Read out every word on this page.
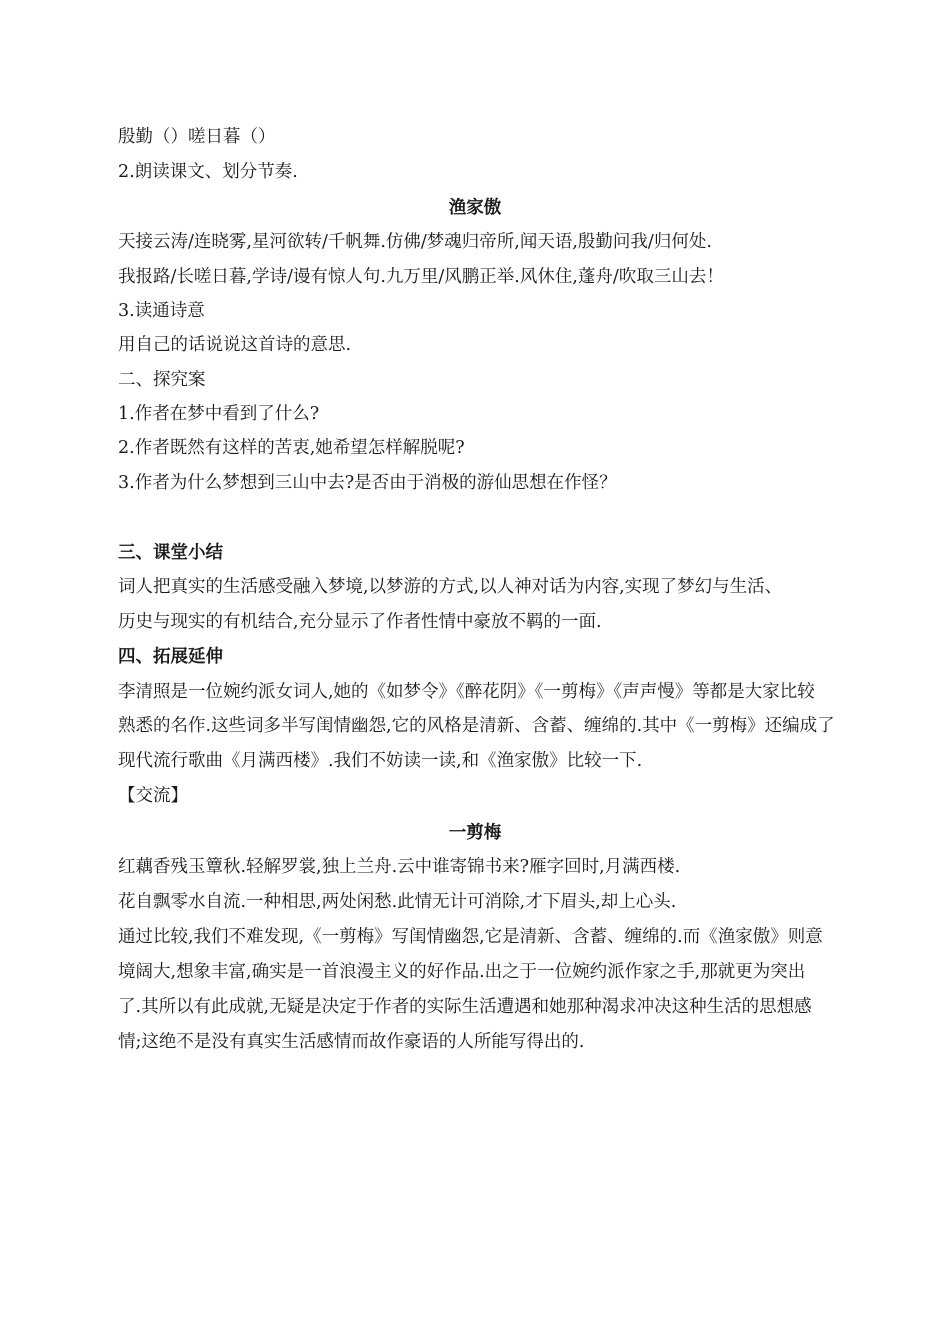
殷勤（）嗟日暮（）
2.朗读课文、划分节奏.
渔家傲
天接云涛/连晓雾,星河欲转/千帆舞.仿佛/梦魂归帝所,闻天语,殷勤问我/归何处.
我报路/长嗟日暮,学诗/谩有惊人句.九万里/风鹏正举.风休住,蓬舟/吹取三山去！
3.读通诗意
用自己的话说说这首诗的意思.
二、探究案
1.作者在梦中看到了什么?
2.作者既然有这样的苦衷,她希望怎样解脱呢?
3.作者为什么梦想到三山中去?是否由于消极的游仙思想在作怪？
三、课堂小结
词人把真实的生活感受融入梦境,以梦游的方式,以人神对话为内容,实现了梦幻与生活、
历史与现实的有机结合,充分显示了作者性情中豪放不羁的一面.
四、拓展延伸
李清照是一位婉约派女词人,她的《如梦令》《醉花阴》《一剪梅》《声声慢》等都是大家比较
熟悉的名作.这些词多半写闺情幽怨,它的风格是清新、含蓄、缠绵的.其中《一剪梅》还编成了
现代流行歌曲《月满西楼》.我们不妨读一读,和《渔家傲》比较一下.
【交流】
一剪梅
红藕香残玉簟秋.轻解罗裳,独上兰舟.云中谁寄锦书来?雁字回时,月满西楼.
花自飘零水自流.一种相思,两处闲愁.此情无计可消除,才下眉头,却上心头.
通过比较,我们不难发现,《一剪梅》写闺情幽怨,它是清新、含蓄、缠绵的.而《渔家傲》则意
境阔大,想象丰富,确实是一首浪漫主义的好作品.出之于一位婉约派作家之手,那就更为突出
了.其所以有此成就,无疑是决定于作者的实际生活遭遇和她那种渴求冲决这种生活的思想感
情;这绝不是没有真实生活感情而故作豪语的人所能写得出的.
